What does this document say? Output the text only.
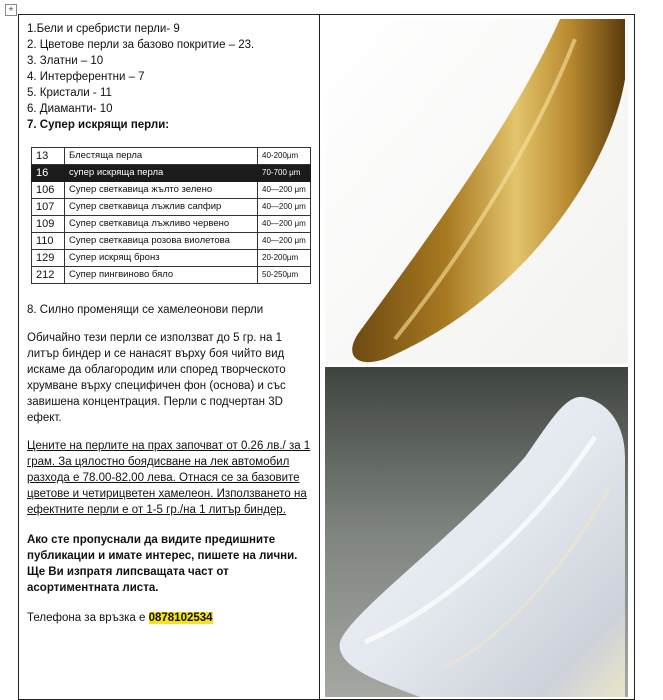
+
1.Бели и сребристи перли- 9
2. Цветове перли за базово покритие – 23.
3. Златни – 10
4. Интерферентни – 7
5. Кристали - 11
6. Диаманти- 10
7. Супер искрящи перли:
13	Блестяща перла	40-200μm
16	супер искряща перла	70-700 μm
106	Супер светкавица жълто зелено	40—200 μm
107	Супер светкавица лъжлив сапфир	40—200 μm
109	Супер светкавица лъжливо червено	40—200 μm
110	Супер светкавица розова виолетова	40—200 μm
129	Супер искрящ бронз	20-200μm
212	Супер пингвиново бяло	50-250μm

8. Силно променящи се хамелеонови перли

Обичайно тези перли се използват до 5 гр. на 1 литър биндер и се нанасят върху боя чийто вид искаме да облагородим или според творческото хрумване върху специфичен фон (основа) и със завишена концентрация. Перли с подчертан 3D ефект.

Цените на перлите на прах започват от 0.26 лв./ за 1 грам. За цялостно боядисване на лек автомобил разхода е 78.00-82.00 лева. Отнася се за базовите цветове и четирицветен хамелеон. Използването на ефектните перли е от 1-5 гр./на 1 литър биндер.

Ако сте пропуснали да видите предишните публикации и имате интерес, пишете на лични. Ще Ви изпратя липсващата част от асортиментната листа.

Телефона за връзка е 0878102534
